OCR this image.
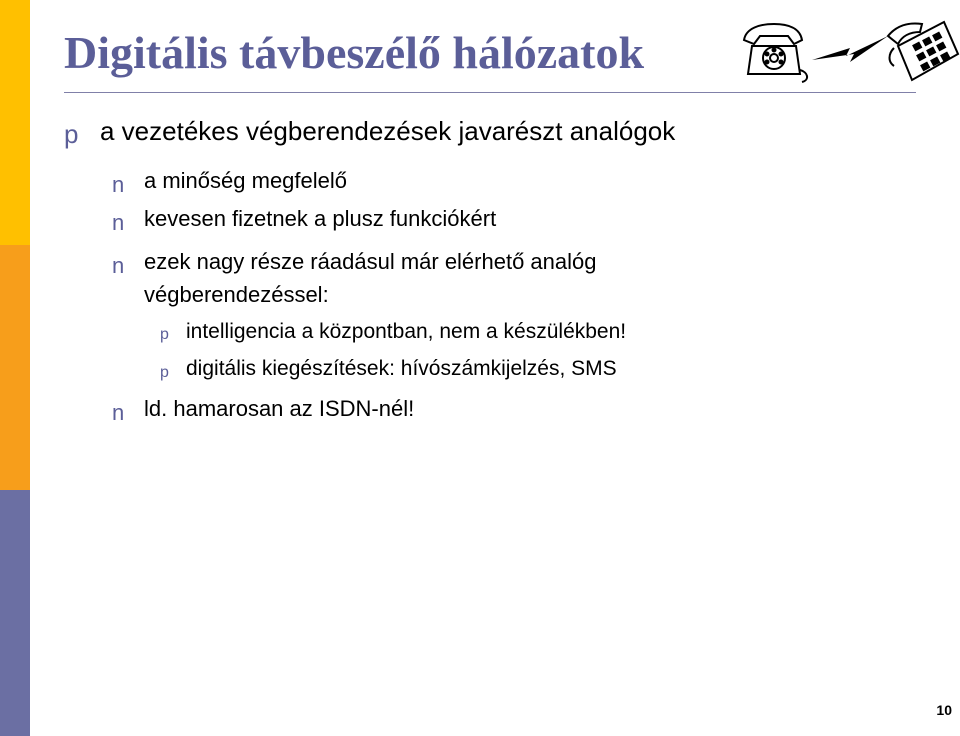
Digitális távbeszélő hálózatok
p a vezetékes végberendezések javarészt analógok
n a minőség megfelelő
n kevesen fizetnek a plusz funkciókért
n ezek nagy része ráadásul már elérhető analóg
végberendezéssel:
p intelligencia a központban, nem a készülékben!
p digitális kiegészítések: hívószámkijelzés, SMS
n ld. hamarosan az ISDN-nél!
10
